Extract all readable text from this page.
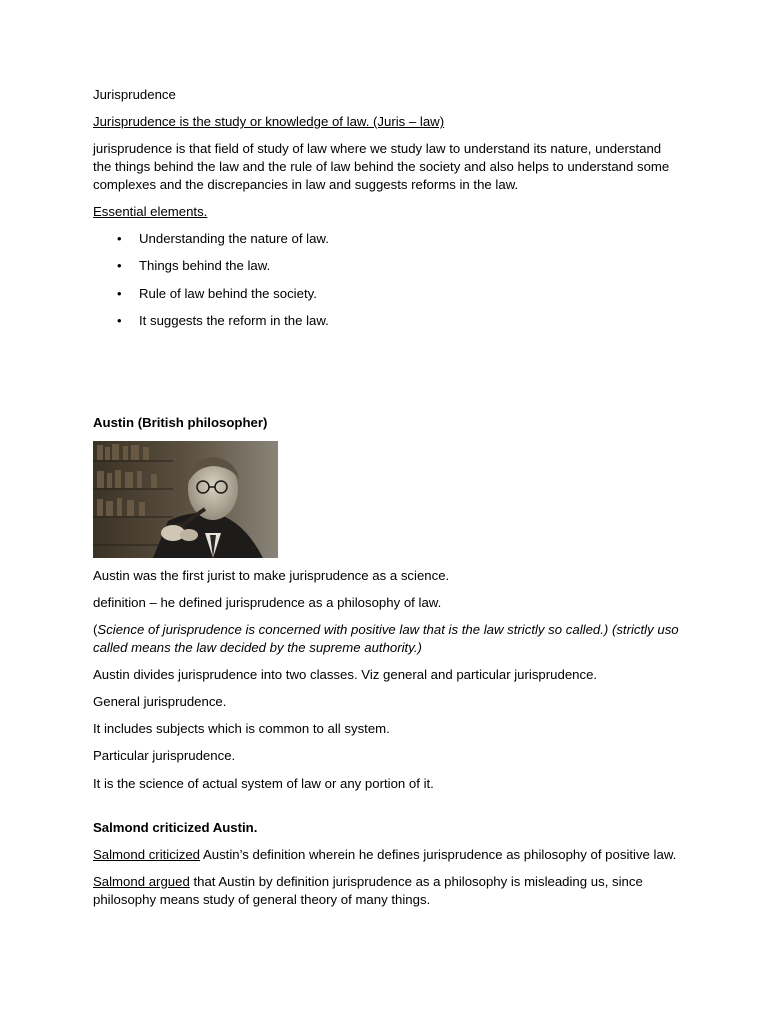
Jurisprudence

Jurisprudence is the study or knowledge of law. (Juris – law)

jurisprudence is that field of study of law where we study law to understand its nature, understand the things behind the law and the rule of law behind the society and also helps to understand some complexes and the discrepancies in law and suggests reforms in the law.

Essential elements.

• Understanding the nature of law.
• Things behind the law.
• Rule of law behind the society.
• It suggests the reform in the law.

Austin (British philosopher)

Austin was the first jurist to make jurisprudence as a science.

definition – he defined jurisprudence as a philosophy of law.

(Science of jurisprudence is concerned with positive law that is the law strictly so called.) (strictly uso called means the law decided by the supreme authority.)

Austin divides jurisprudence into two classes. Viz general and particular jurisprudence.

General jurisprudence.

It includes subjects which is common to all system.

Particular jurisprudence.

It is the science of actual system of law or any portion of it.

Salmond criticized Austin.

Salmond criticized Austin’s definition wherein he defines jurisprudence as philosophy of positive law.

Salmond argued that Austin by definition jurisprudence as a philosophy is misleading us, since philosophy means study of general theory of many things.
